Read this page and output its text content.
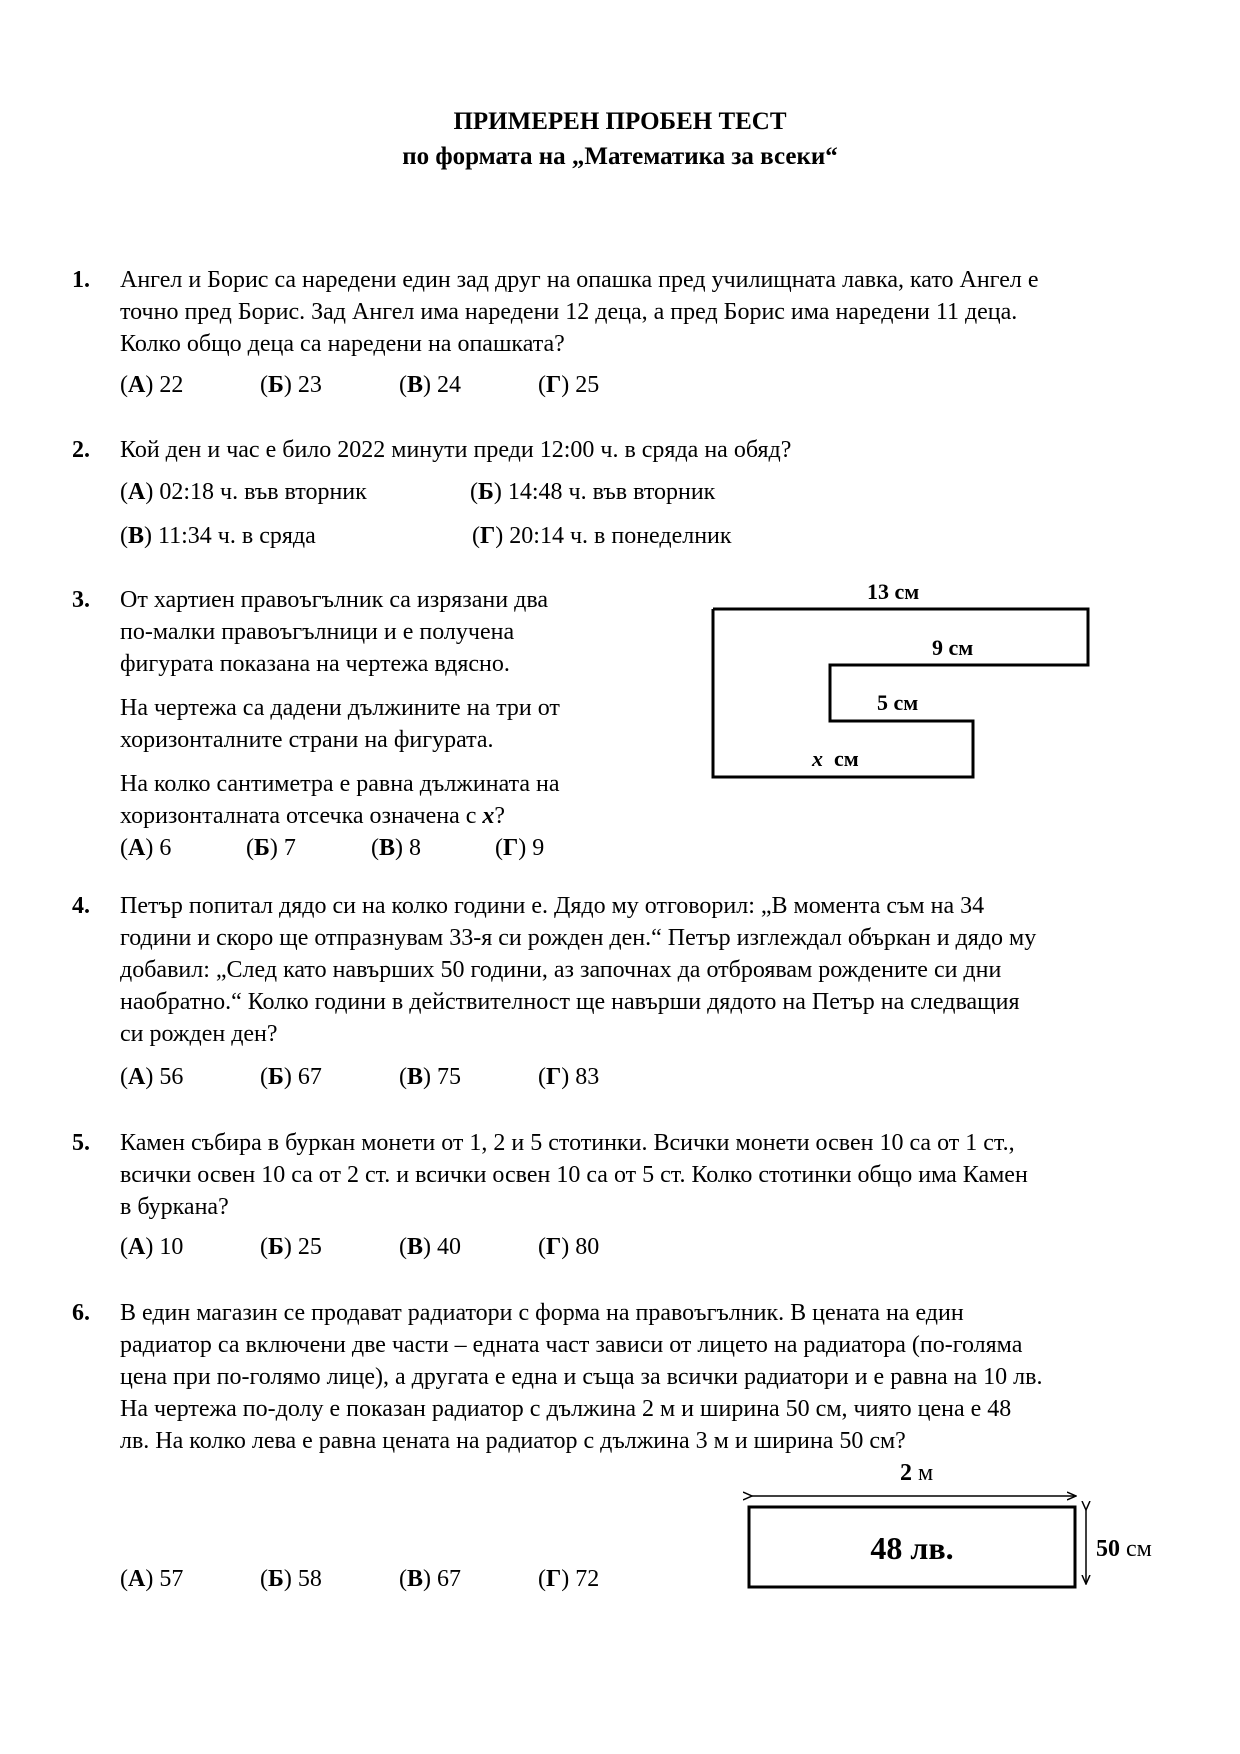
ПРИМЕРЕН ПРОБЕН ТЕСТ
по формата на „Математика за всеки“
1. Ангел и Борис са наредени един зад друг на опашка пред училищната лавка, като Ангел е
точно пред Борис. Зад Ангел има наредени 12 деца, а пред Борис има наредени 11 деца.
Колко общо деца са наредени на опашката?
(А) 22	(Б) 23	(В) 24	(Г) 25
2. Кой ден и час е било 2022 минути преди 12:00 ч. в сряда на обяд?
(А) 02:18 ч. във вторник	(Б) 14:48 ч. във вторник
(В) 11:34 ч. в сряда	(Г) 20:14 ч. в понеделник
3. От хартиен правоъгълник са изрязани два
по-малки правоъгълници и е получена
фигурата показана на чертежа вдясно.
На чертежа са дадени дължините на три от
хоризонталните страни на фигурата.
На колко сантиметра е равна дължината на
хоризонталната отсечка означена с x?
(А) 6	(Б) 7	(В) 8	(Г) 9
13 см
9 см
5 см
x см
4. Петър попитал дядо си на колко години е. Дядо му отговорил: „В момента съм на 34
години и скоро ще отпразнувам 33-я си рожден ден.“ Петър изглеждал объркан и дядо му
добавил: „След като навърших 50 години, аз започнах да отброявам рождените си дни
наобратно.“ Колко години в действителност ще навърши дядото на Петър на следващия
си рожден ден?
(А) 56	(Б) 67	(В) 75	(Г) 83
5. Камен събира в буркан монети от 1, 2 и 5 стотинки. Всички монети освен 10 са от 1 ст.,
всички освен 10 са от 2 ст. и всички освен 10 са от 5 ст. Колко стотинки общо има Камен
в буркана?
(А) 10	(Б) 25	(В) 40	(Г) 80
6. В един магазин се продават радиатори с форма на правоъгълник. В цената на един
радиатор са включени две части – едната част зависи от лицето на радиатора (по-голяма
цена при по-голямо лице), а другата е една и съща за всички радиатори и е равна на 10 лв.
На чертежа по-долу е показан радиатор с дължина 2 м и ширина 50 см, чиято цена е 48
лв. На колко лева е равна цената на радиатор с дължина 3 м и ширина 50 см?
2 м
48 лв.	50 см
(А) 57	(Б) 58	(В) 67	(Г) 72
